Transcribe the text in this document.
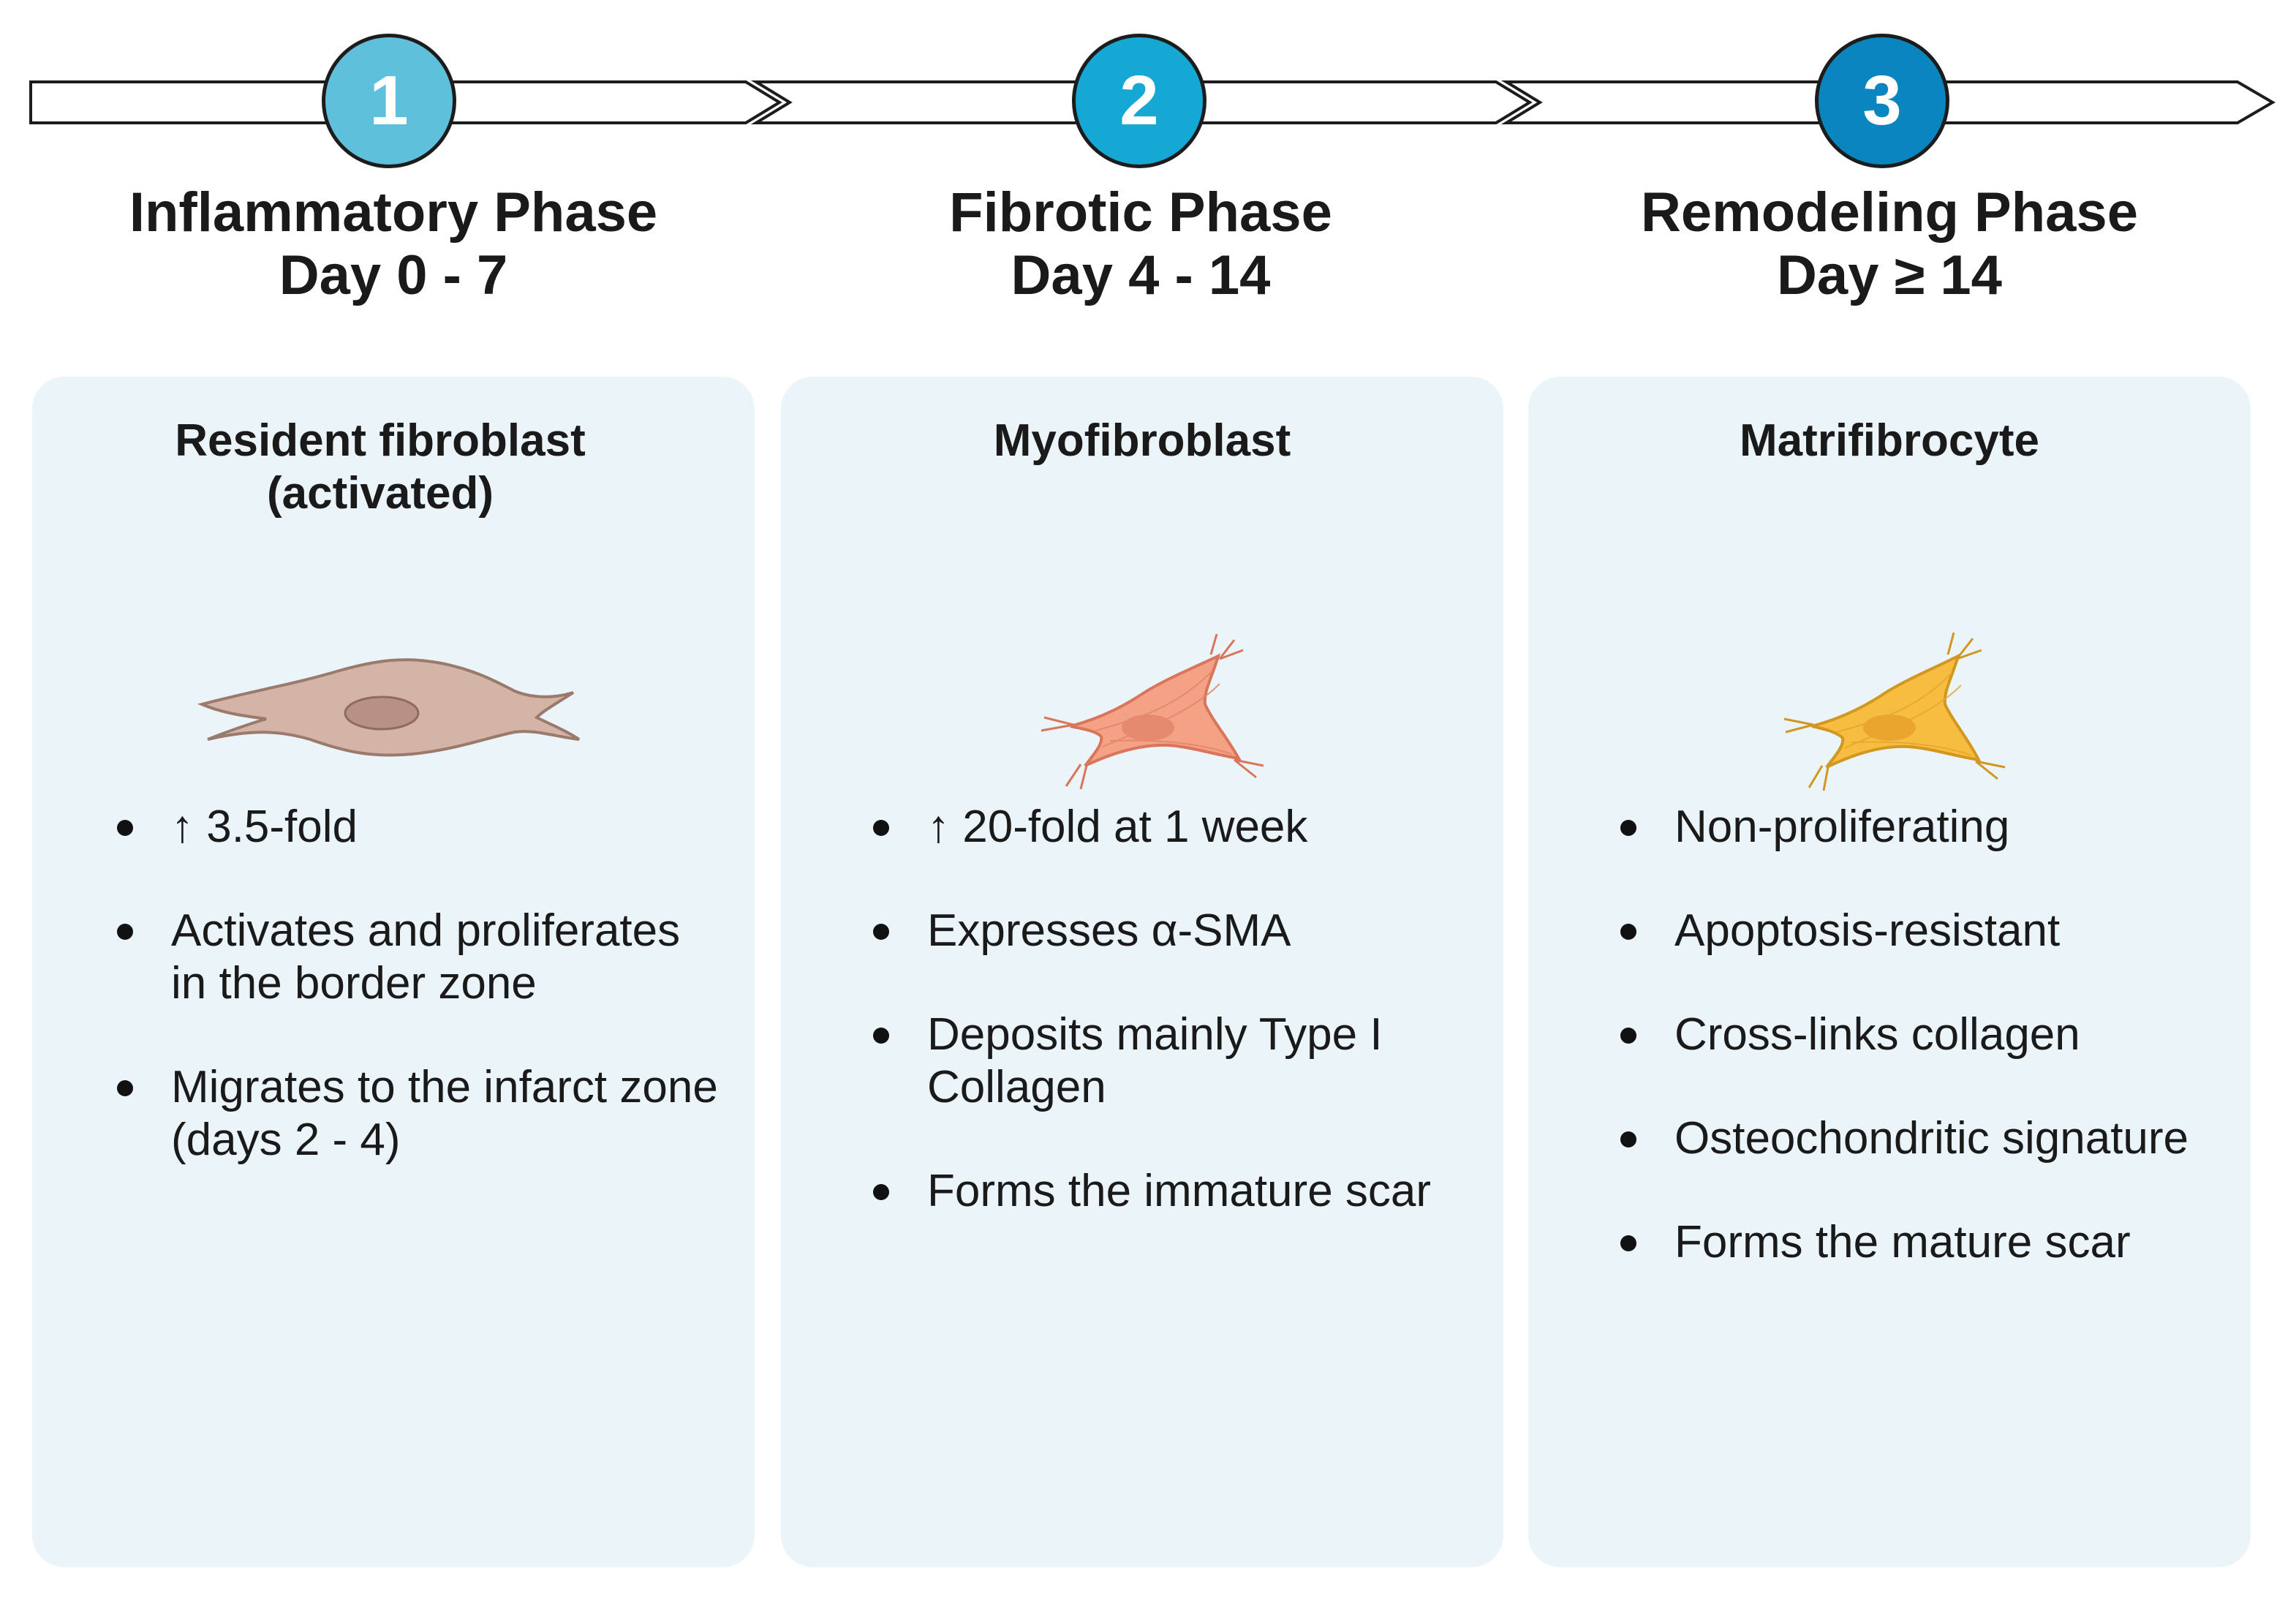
1	2	3
Inflammatory Phase
Day 0 - 7
Fibrotic Phase
Day 4 - 14
Remodeling Phase
Day ≥ 14
Resident fibroblast
(activated)
↑ 3.5-fold
Activates and proliferates in the border zone
Migrates to the infarct zone (days 2 - 4)
Myofibroblast
↑ 20-fold at 1 week
Expresses α-SMA
Deposits mainly Type I Collagen
Forms the immature scar
Matrifibrocyte
Non-proliferating
Apoptosis-resistant
Cross-links collagen
Osteochondritic signature
Forms the mature scar
